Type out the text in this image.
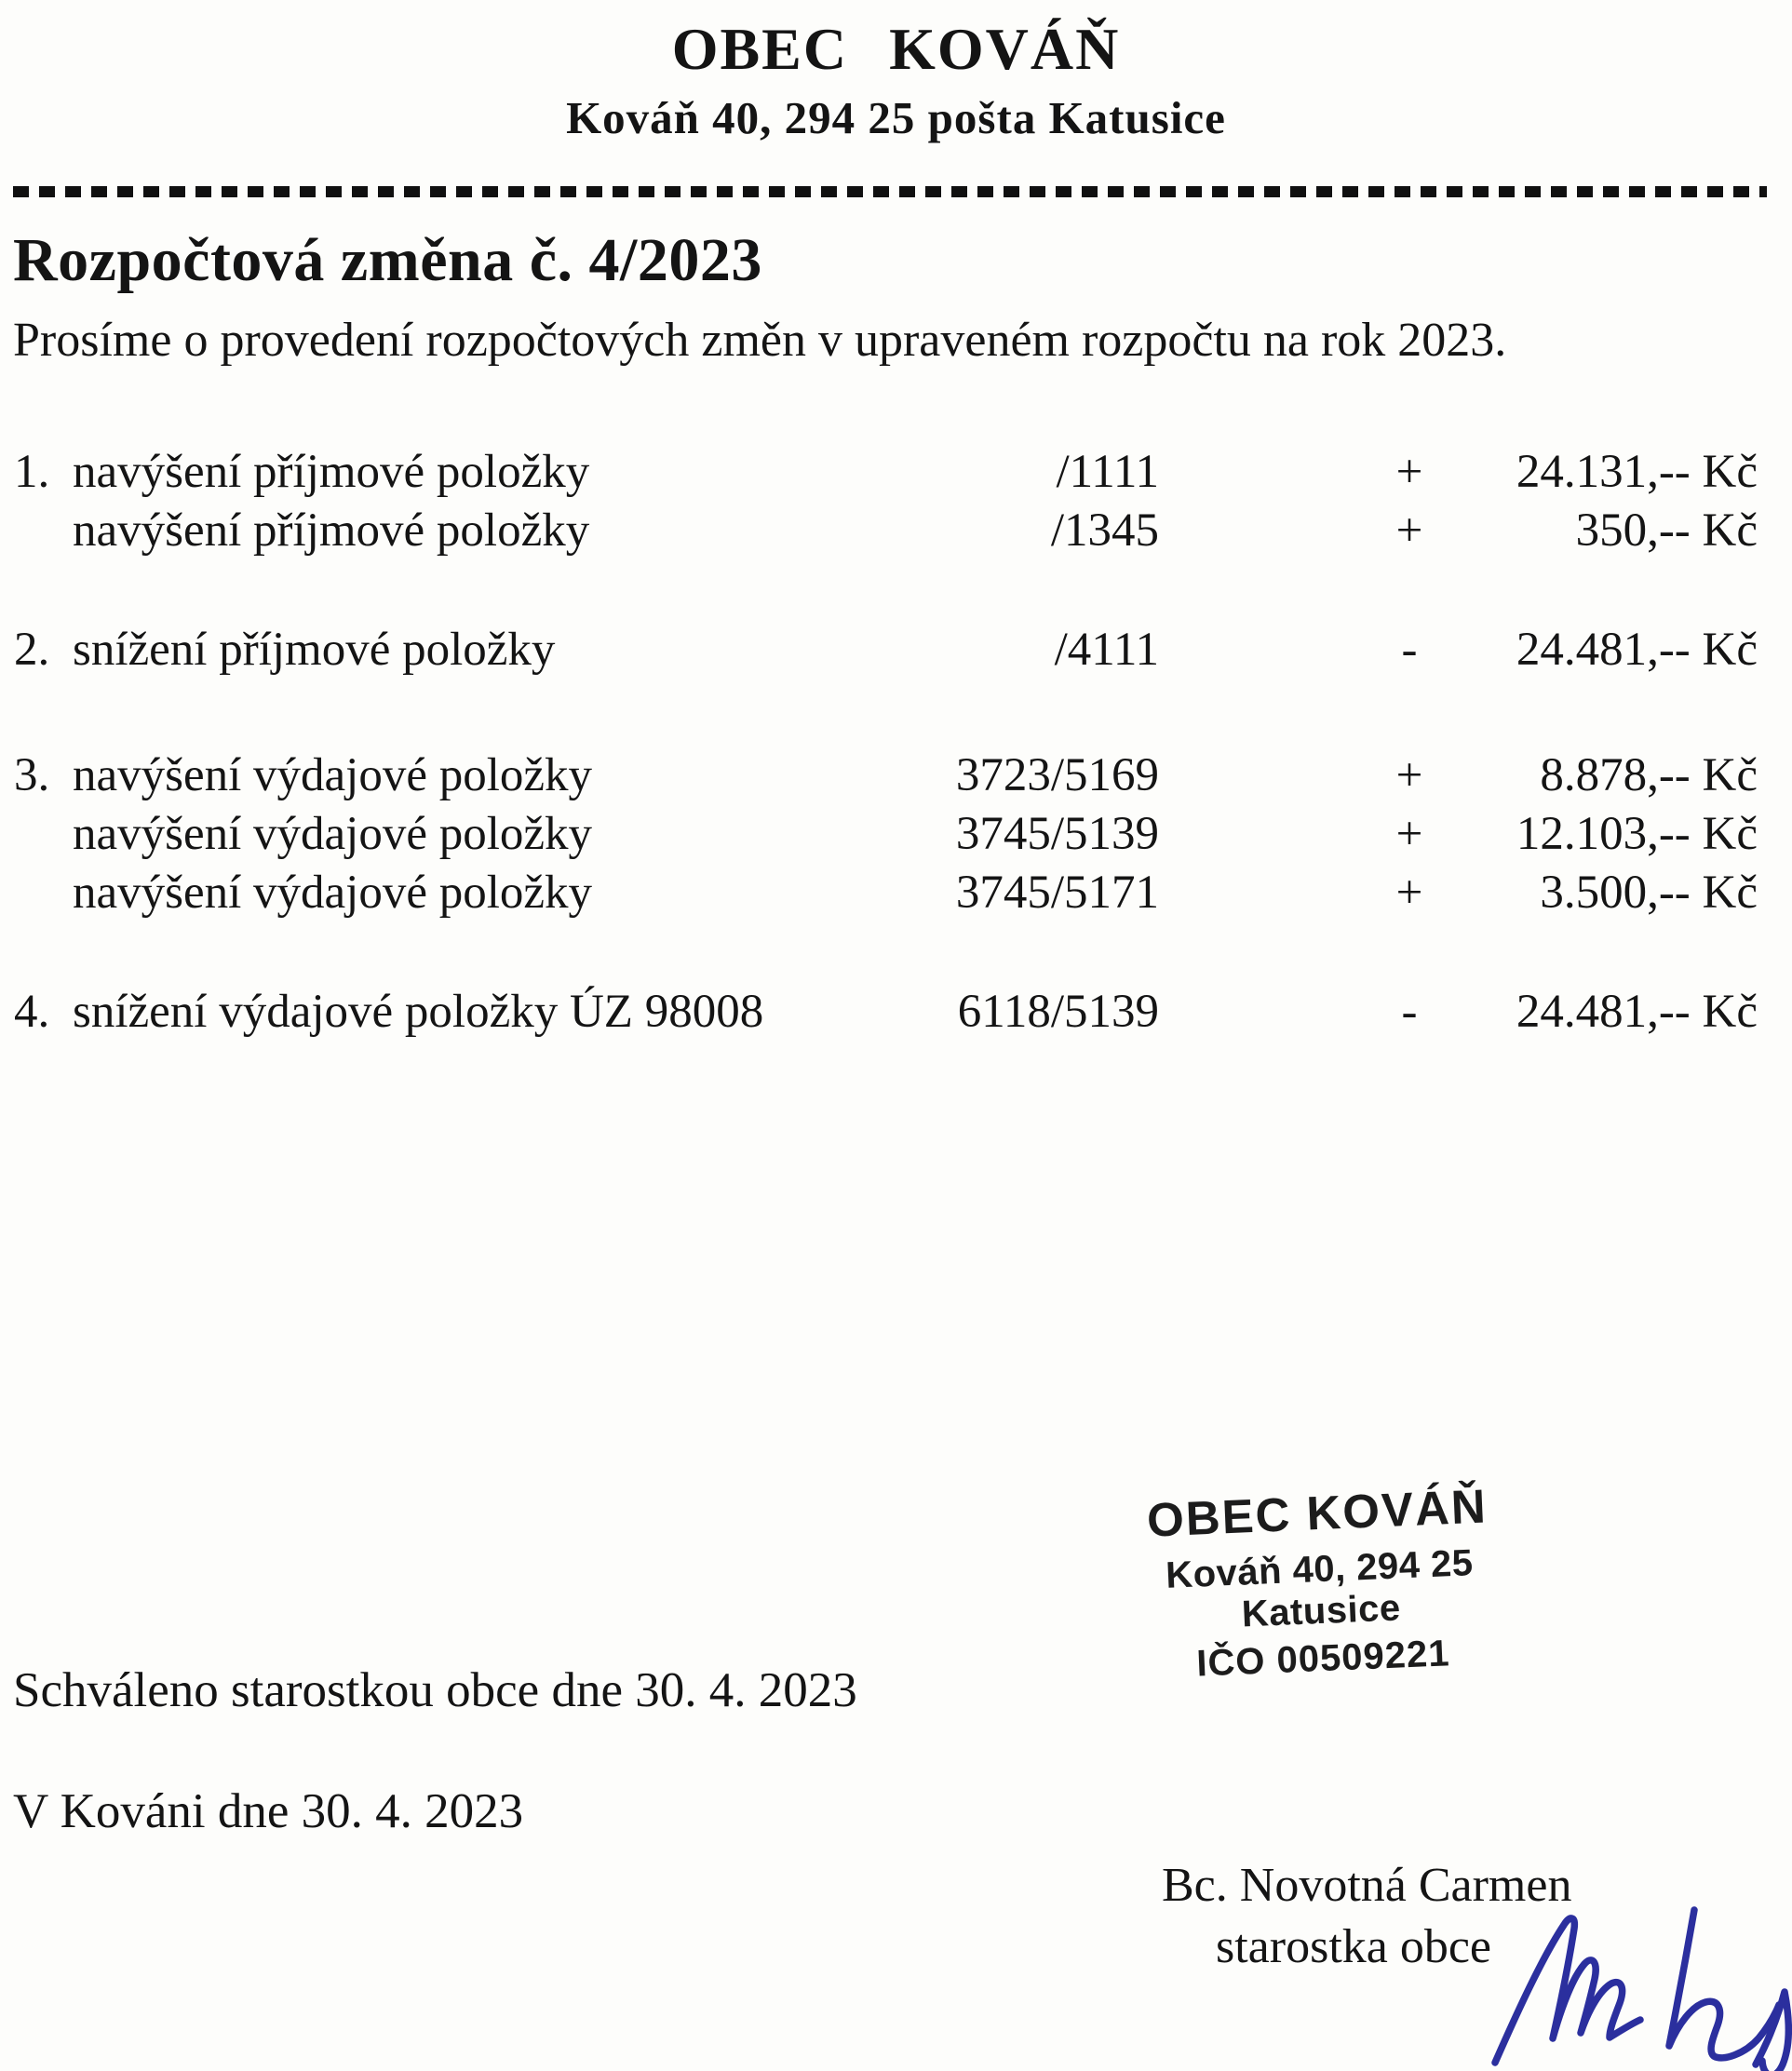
OBEC KOVÁŇ
Kováň 40, 294 25 pošta Katusice
Rozpočtová změna č. 4/2023
Prosíme o provedení rozpočtových změn v upraveném rozpočtu na rok 2023.
1. navýšení příjmové položky	/1111	+	24.131,-- Kč
navýšení příjmové položky	/1345	+	350,-- Kč
2. snížení příjmové položky	/4111	-	24.481,-- Kč
3. navýšení výdajové položky	3723/5169	+	8.878,-- Kč
navýšení výdajové položky	3745/5139	+	12.103,-- Kč
navýšení výdajové položky	3745/5171	+	3.500,-- Kč
4. snížení výdajové položky ÚZ 98008	6118/5139	-	24.481,-- Kč
OBEC KOVÁŇ
Kováň 40, 294 25 Katusice
IČO 00509221
Schváleno starostkou obce dne 30. 4. 2023
V Kováni dne 30. 4. 2023
Bc. Novotná Carmen
starostka obce
